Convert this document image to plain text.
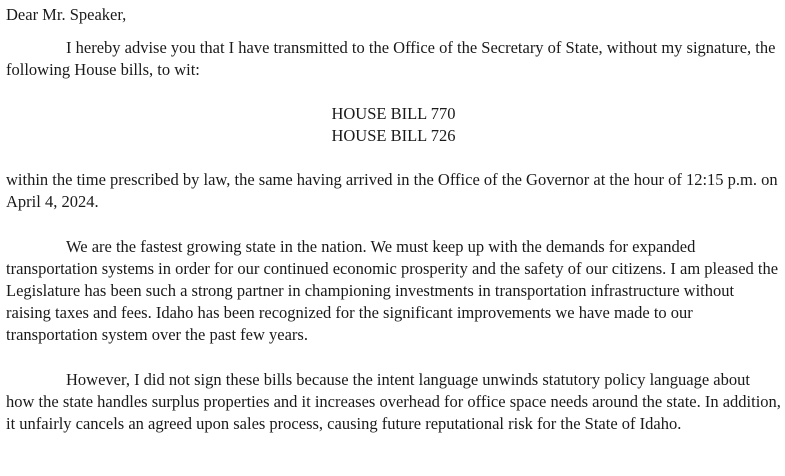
Dear Mr. Speaker,

I hereby advise you that I have transmitted to the Office of the Secretary of State, without my signature, the following House bills, to wit:

HOUSE BILL 770
HOUSE BILL 726

within the time prescribed by law, the same having arrived in the Office of the Governor at the hour of 12:15 p.m. on April 4, 2024.

We are the fastest growing state in the nation. We must keep up with the demands for expanded transportation systems in order for our continued economic prosperity and the safety of our citizens. I am pleased the Legislature has been such a strong partner in championing investments in transportation infrastructure without raising taxes and fees. Idaho has been recognized for the significant improvements we have made to our transportation system over the past few years.

However, I did not sign these bills because the intent language unwinds statutory policy language about how the state handles surplus properties and it increases overhead for office space needs around the state. In addition, it unfairly cancels an agreed upon sales process, causing future reputational risk for the State of Idaho.
